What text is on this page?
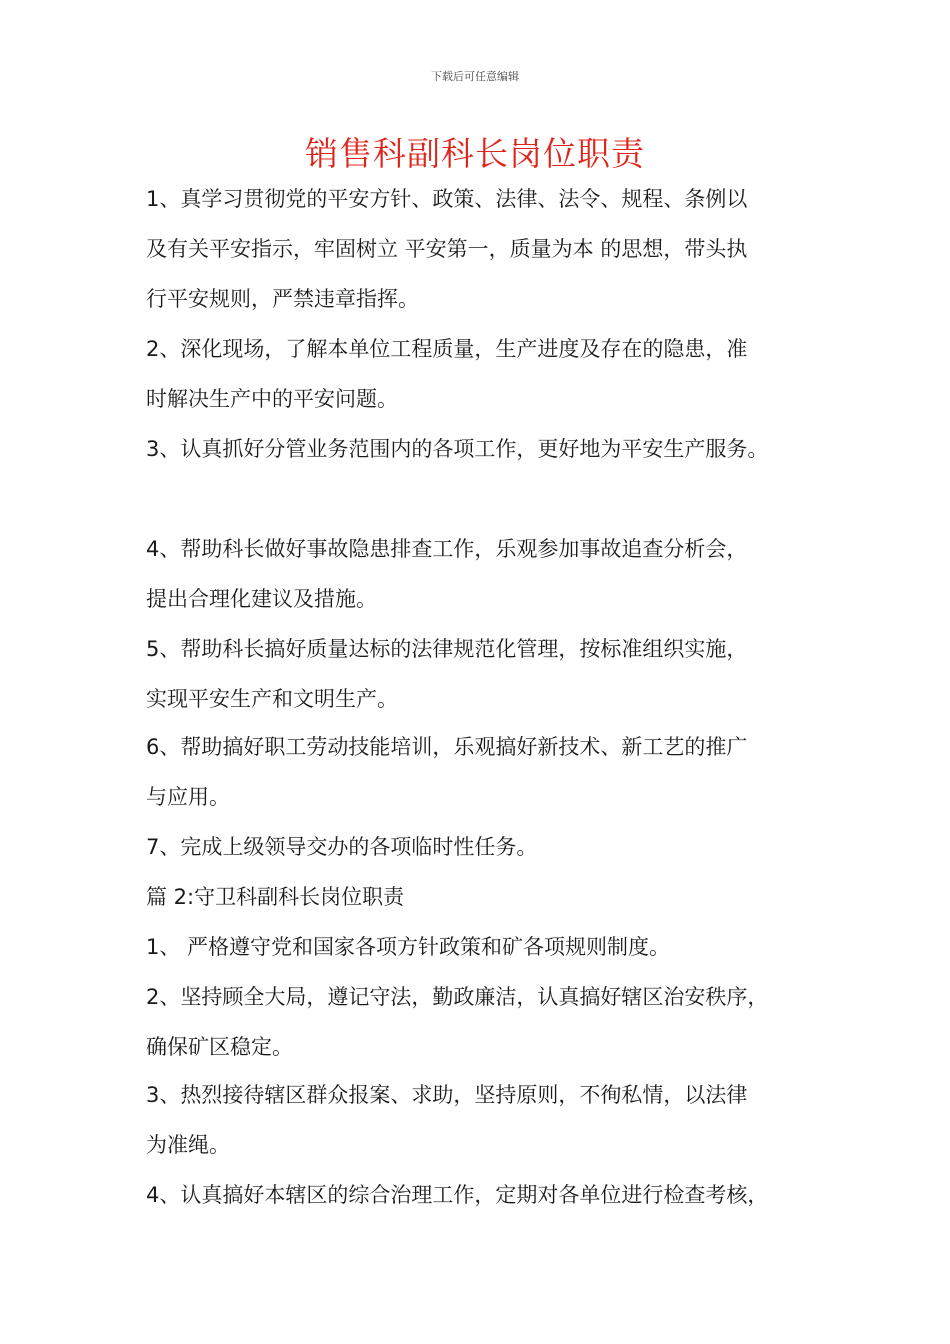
下载后可任意编辑
销售科副科长岗位职责
1、真学习贯彻党的平安方针、政策、法律、法令、规程、条例以
及有关平安指示，牢固树立 平安第一，质量为本 的思想，带头执
行平安规则，严禁违章指挥。
2、深化现场，了解本单位工程质量，生产进度及存在的隐患，准
时解决生产中的平安问题。
3、认真抓好分管业务范围内的各项工作，更好地为平安生产服务。
4、帮助科长做好事故隐患排查工作，乐观参加事故追查分析会，
提出合理化建议及措施。
5、帮助科长搞好质量达标的法律规范化管理，按标准组织实施，
实现平安生产和文明生产。
6、帮助搞好职工劳动技能培训，乐观搞好新技术、新工艺的推广
与应用。
7、完成上级领导交办的各项临时性任务。
篇 2:守卫科副科长岗位职责
1、 严格遵守党和国家各项方针政策和矿各项规则制度。
2、坚持顾全大局，遵记守法，勤政廉洁，认真搞好辖区治安秩序，
确保矿区稳定。
3、热烈接待辖区群众报案、求助，坚持原则，不徇私情，以法律
为准绳。
4、认真搞好本辖区的综合治理工作，定期对各单位进行检查考核，
